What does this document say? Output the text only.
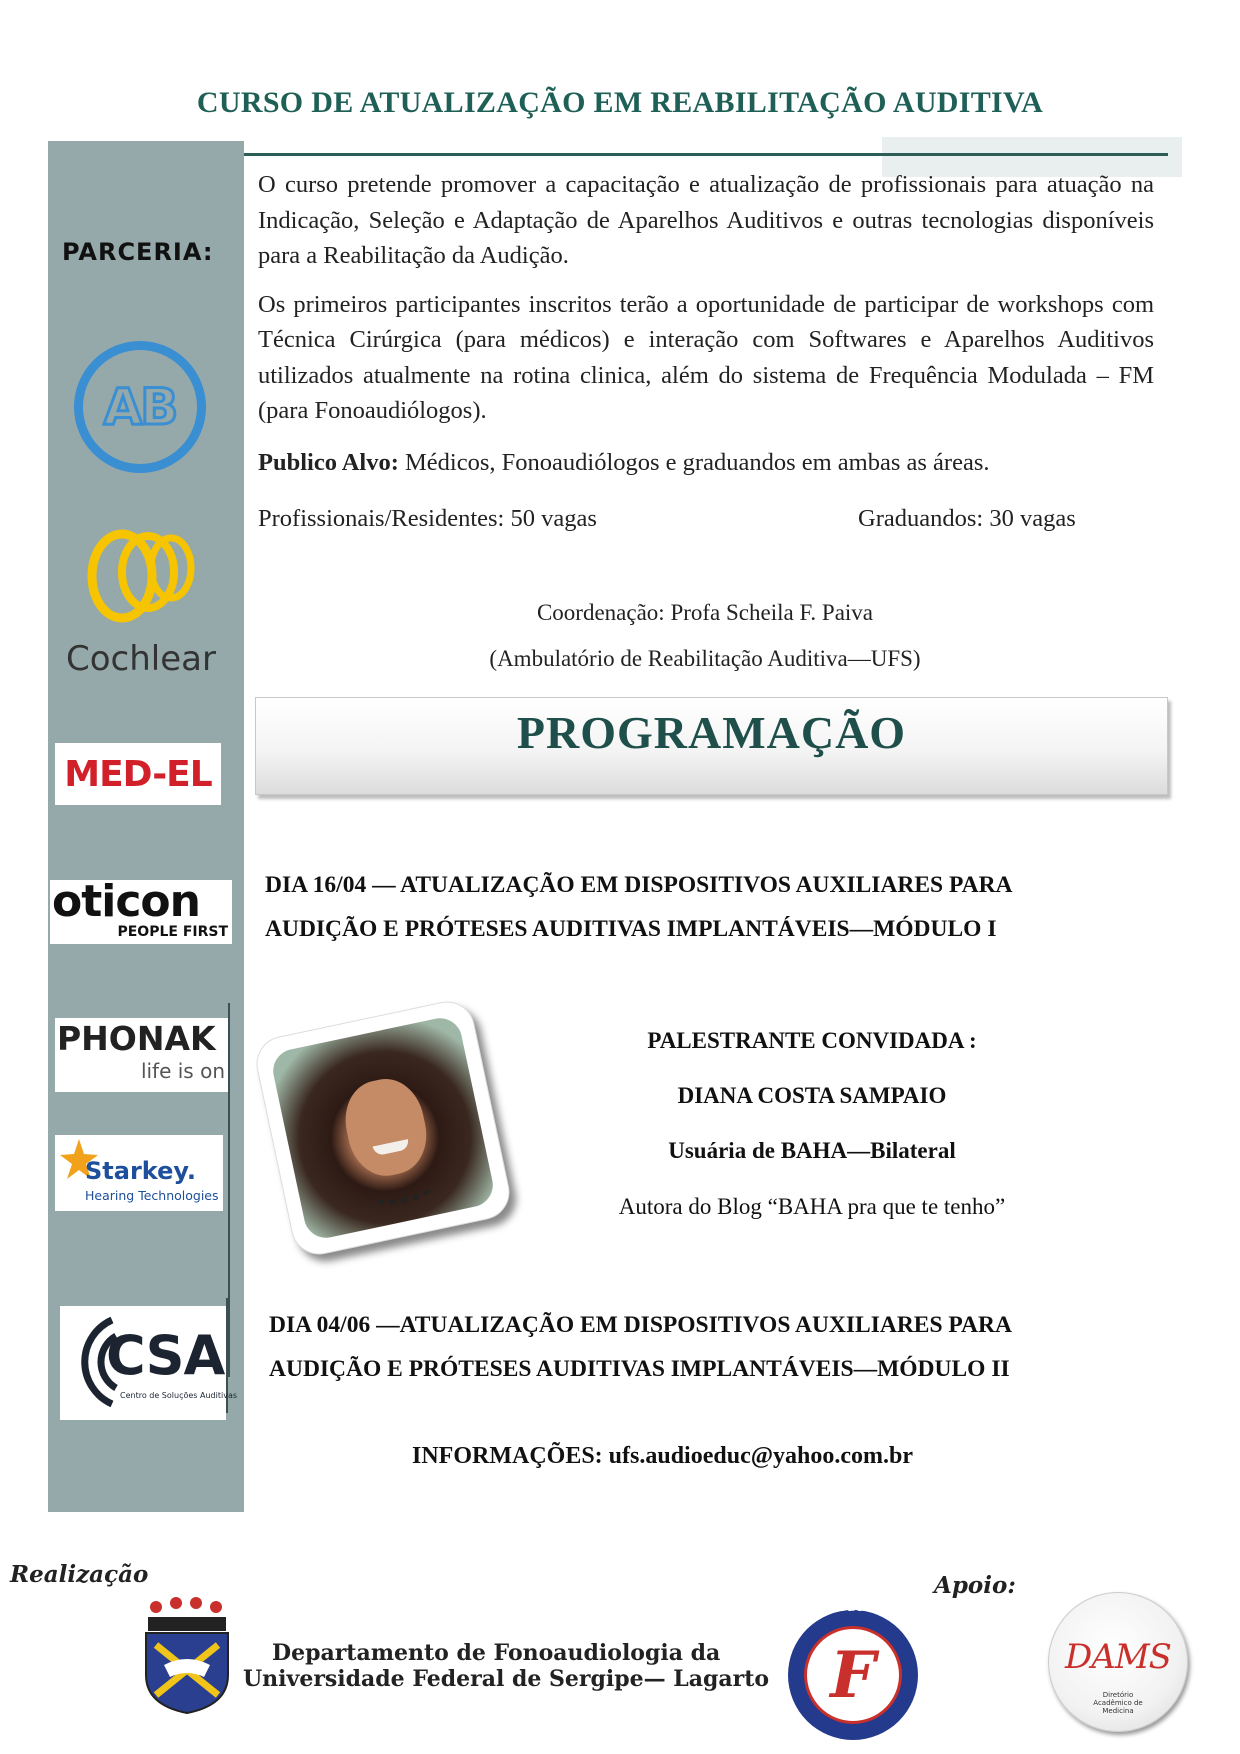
CURSO DE ATUALIZAÇÃO EM REABILITAÇÃO AUDITIVA
AB
Cochlear
MED-EL
oticon
PEOPLE FIRST
PHONAK
life is on
Starkey.
Hearing Technologies
CSA
Centro de Soluções Auditivas
PARCERIA:

O curso pretende promover a capacitação e atualização de profissionais para atuação na Indicação, Seleção e Adaptação de Aparelhos Auditivos e outras tecnologias disponíveis para a Reabilitação da Audição.

Os primeiros participantes inscritos terão a oportunidade de participar de workshops com Técnica Cirúrgica (para médicos) e interação com Softwares e Aparelhos Auditivos utilizados atualmente na rotina clinica, além do sistema de Frequência Modulada – FM (para Fonoaudiólogos).

Publico Alvo: Médicos, Fonoaudiólogos e graduandos em ambas as áreas.

Profissionais/Residentes: 50 vagas	Graduandos: 30 vagas
Coordenação: Profa Scheila F. Paiva
(Ambulatório de Reabilitação Auditiva—UFS)
PROGRAMAÇÃO
DIA 16/04 — ATUALIZAÇÃO EM DISPOSITIVOS AUXILIARES PARA
AUDIÇÃO E PRÓTESES AUDITIVAS IMPLANTÁVEIS—MÓDULO I
PALESTRANTE CONVIDADA :
DIANA COSTA SAMPAIO
Usuária de BAHA—Bilateral
Autora do Blog “BAHA pra que te tenho”
DIA 04/06 —ATUALIZAÇÃO EM DISPOSITIVOS AUXILIARES PARA
AUDIÇÃO E PRÓTESES AUDITIVAS IMPLANTÁVEIS—MÓDULO II
INFORMAÇÕES: ufs.audioeduc@yahoo.com.br
Realização	Apoio:
Departamento de Fonoaudiologia da
Universidade Federal de Sergipe— Lagarto F
FONOAUDIOLOGIA
DAMS
Diretório Acadêmico de Medicina
